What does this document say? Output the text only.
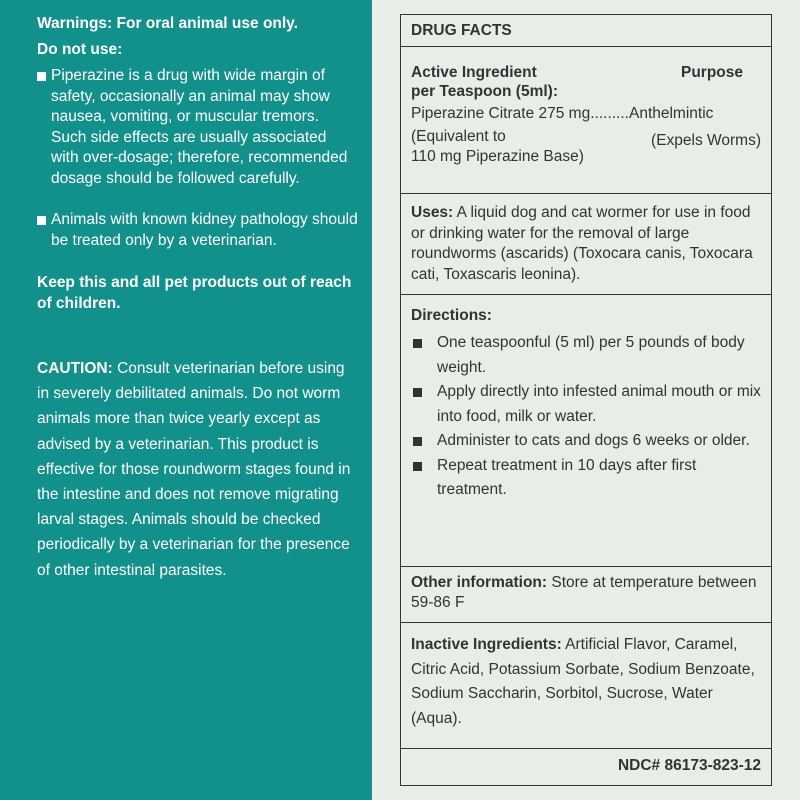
Warnings: For oral animal use only.
Do not use:
Piperazine is a drug with wide margin of safety, occasionally an animal may show nausea, vomiting, or muscular tremors. Such side effects are usually associated with over-dosage; therefore, recommended dosage should be followed carefully.
Animals with known kidney pathology should be treated only by a veterinarian.
Keep this and all pet products out of reach of children.
CAUTION: Consult veterinarian before using in severely debilitated animals. Do not worm animals more than twice yearly except as advised by a veterinarian. This product is effective for those roundworm stages found in the intestine and does not remove migrating larval stages. Animals should be checked periodically by a veterinarian for the presence of other intestinal parasites.
DRUG FACTS
Active Ingredient	Purpose
per Teaspoon (5ml):
Piperazine Citrate 275 mg.........Anthelmintic
(Equivalent to	(Expels Worms)
110 mg Piperazine Base)
Uses: A liquid dog and cat wormer for use in food or drinking water for the removal of large roundworms (ascarids) (Toxocara canis, Toxocara cati, Toxascaris leonina).
Directions:
One teaspoonful (5 ml) per 5 pounds of body weight.
Apply directly into infested animal mouth or mix into food, milk or water.
Administer to cats and dogs 6 weeks or older.
Repeat treatment in 10 days after first treatment.
Other information: Store at temperature between 59-86 F
Inactive Ingredients: Artificial Flavor, Caramel, Citric Acid, Potassium Sorbate, Sodium Benzoate, Sodium Saccharin, Sorbitol, Sucrose, Water (Aqua).
NDC# 86173-823-12
